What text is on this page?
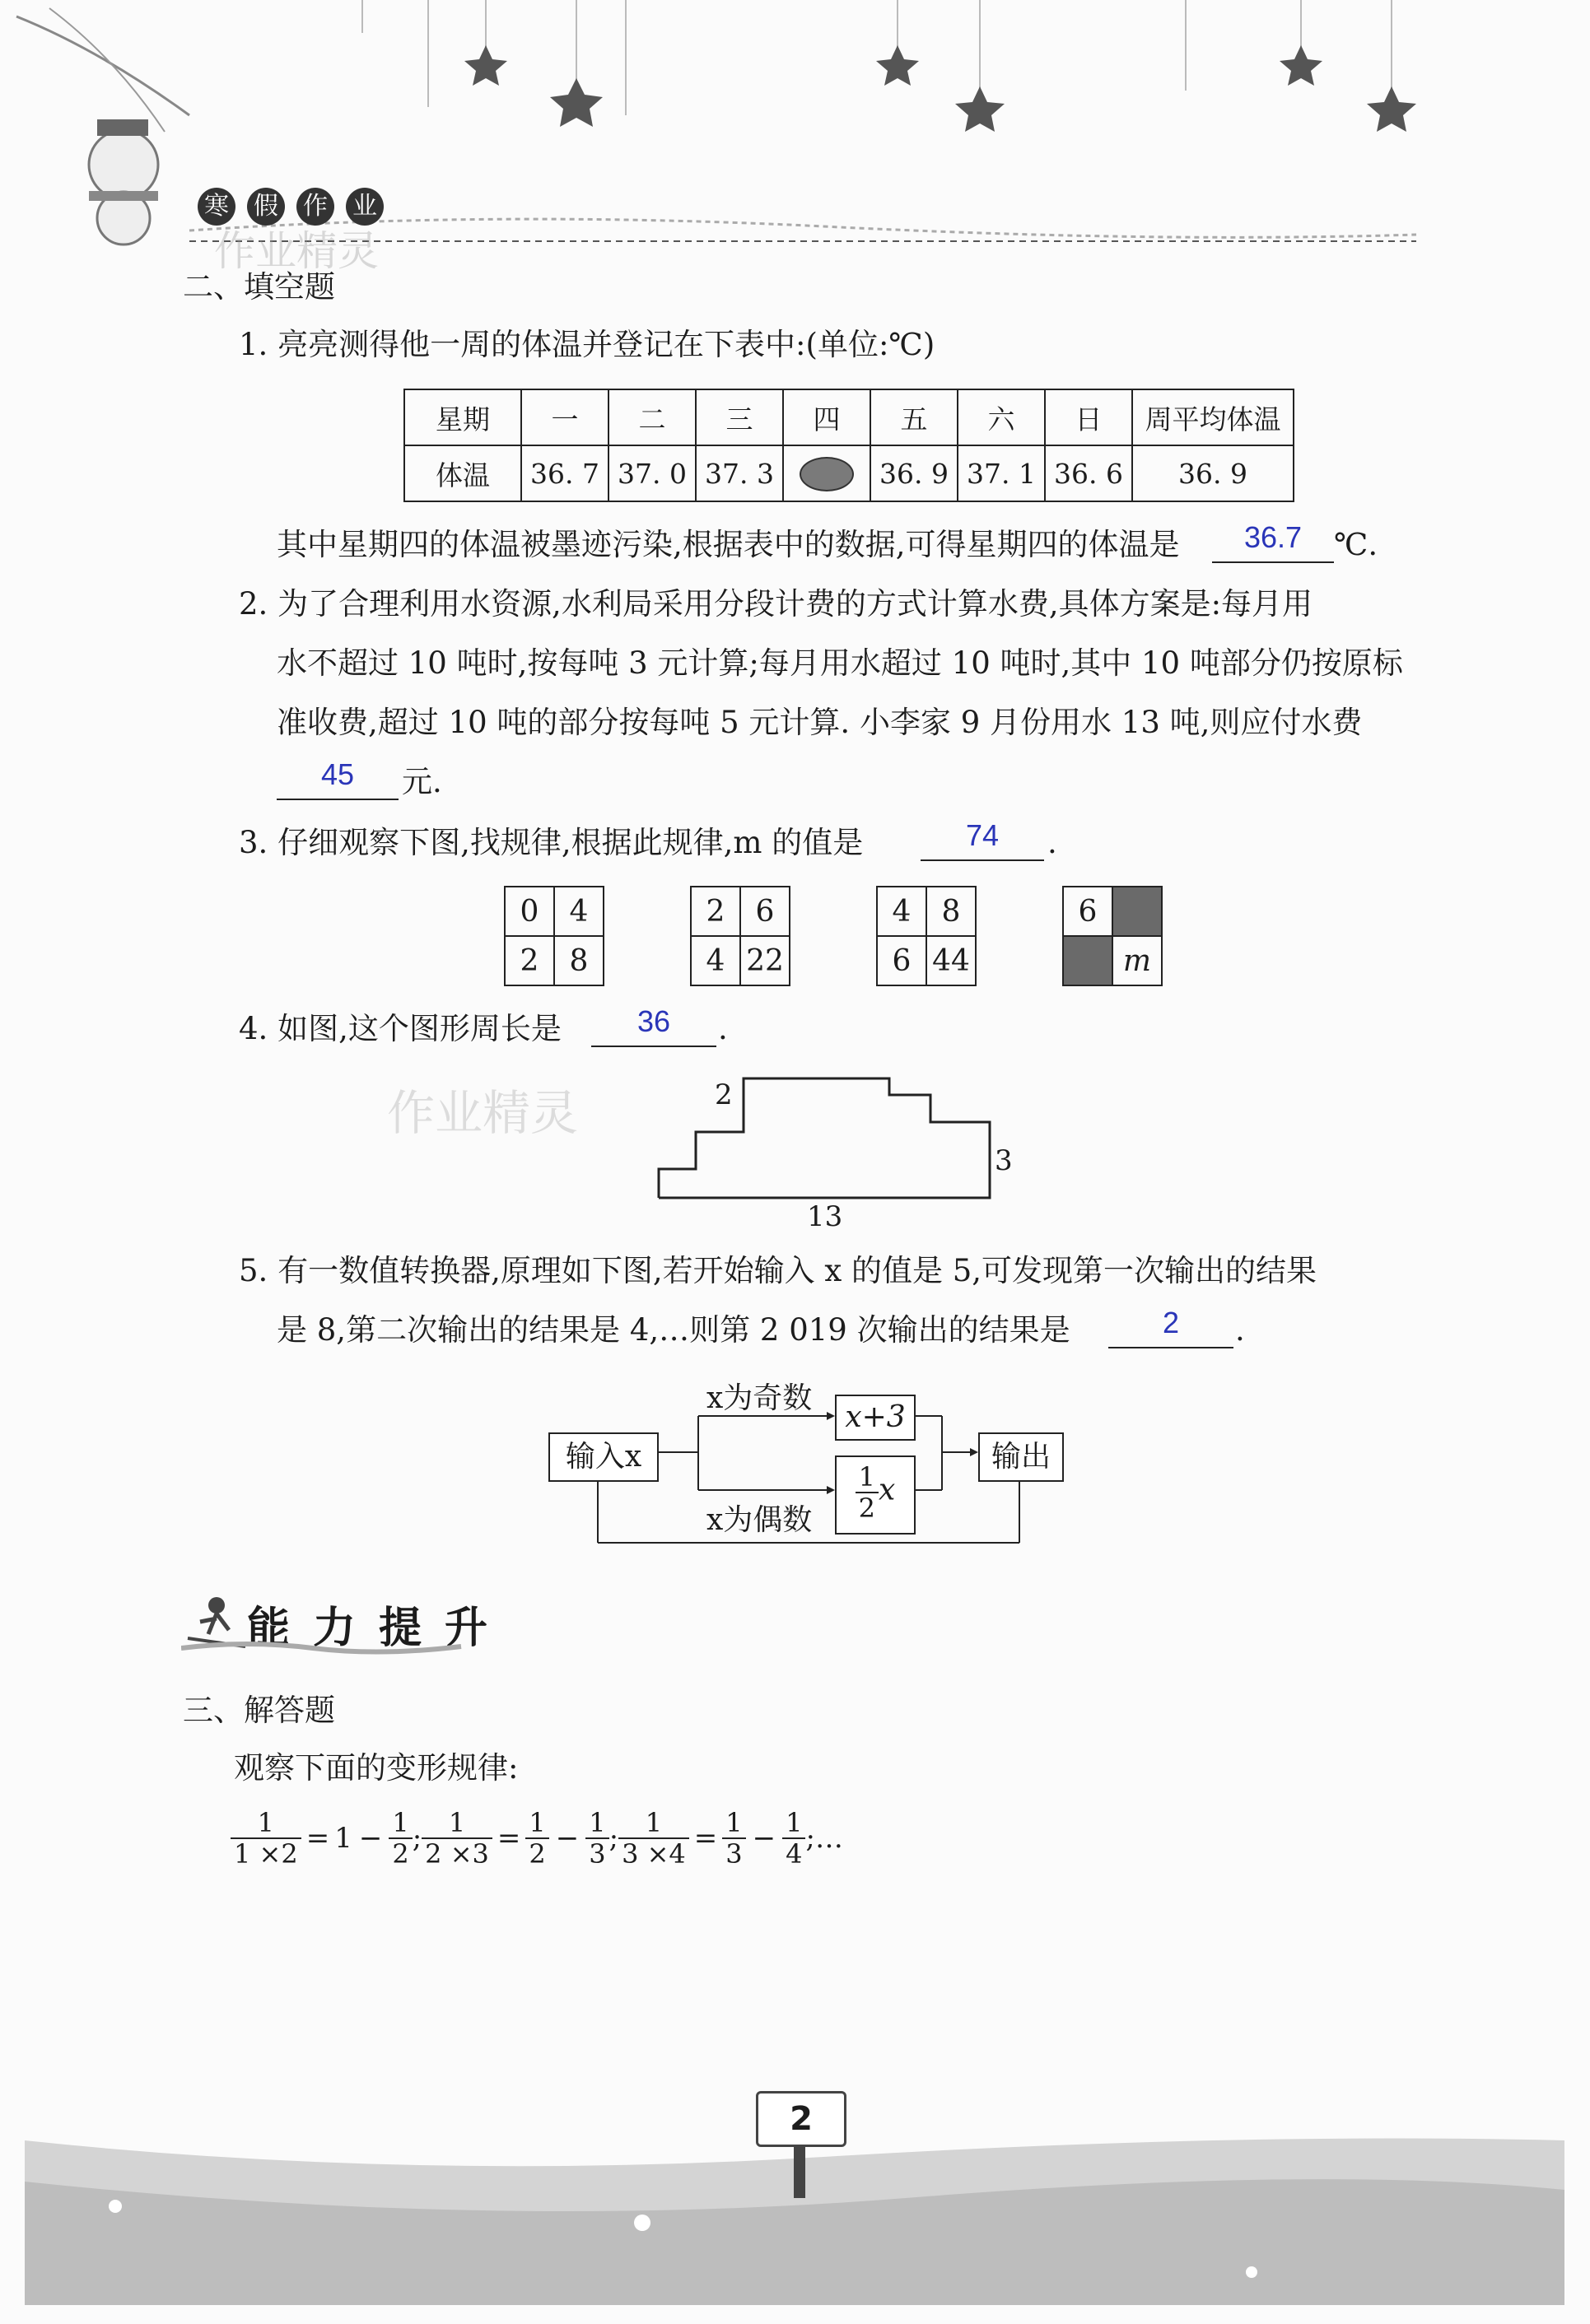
寒 假 作 业
作业精灵
二、填空题
1. 亮亮测得他一周的体温并登记在下表中:(单位:℃)
星期	一	二	三	四	五	六	日	周平均体温
体温	36. 7	37. 0	37. 3		36. 9	37. 1	36. 6	36. 9
其中星期四的体温被墨迹污染,根据表中的数据,可得星期四的体温是	36.7	℃.
2. 为了合理利用水资源,水利局采用分段计费的方式计算水费,具体方案是:每月用
水不超过 10 吨时,按每吨 3 元计算;每月用水超过 10 吨时,其中 10 吨部分仍按原标
准收费,超过 10 吨的部分按每吨 5 元计算. 小李家 9 月份用水 13 吨,则应付水费
45	元.
3. 仔细观察下图,找规律,根据此规律,m 的值是	74	.
0	4
2	8
2	6
4	22
4	8
6	44
6	
	m
4. 如图,这个图形周长是	36	.
作业精灵	2
3
13
5. 有一数值转换器,原理如下图,若开始输入 x 的值是 5,可发现第一次输出的结果
是 8,第二次输出的结果是 4,…则第 2 019 次输出的结果是	2	.
输入x
x为奇数
x+3
$\frac{1}{2}$ x
x为偶数
输出
能力提升
三、解答题
观察下面的变形规律:
$\frac{1}{1 \times 2} = 1 - \frac{1}{2}$ ; $\frac{1}{2 \times 3} = \frac{1}{2} - \frac{1}{3}$ ; $\frac{1}{3 \times 4} = \frac{1}{3} - \frac{1}{4}$ ;…
2
